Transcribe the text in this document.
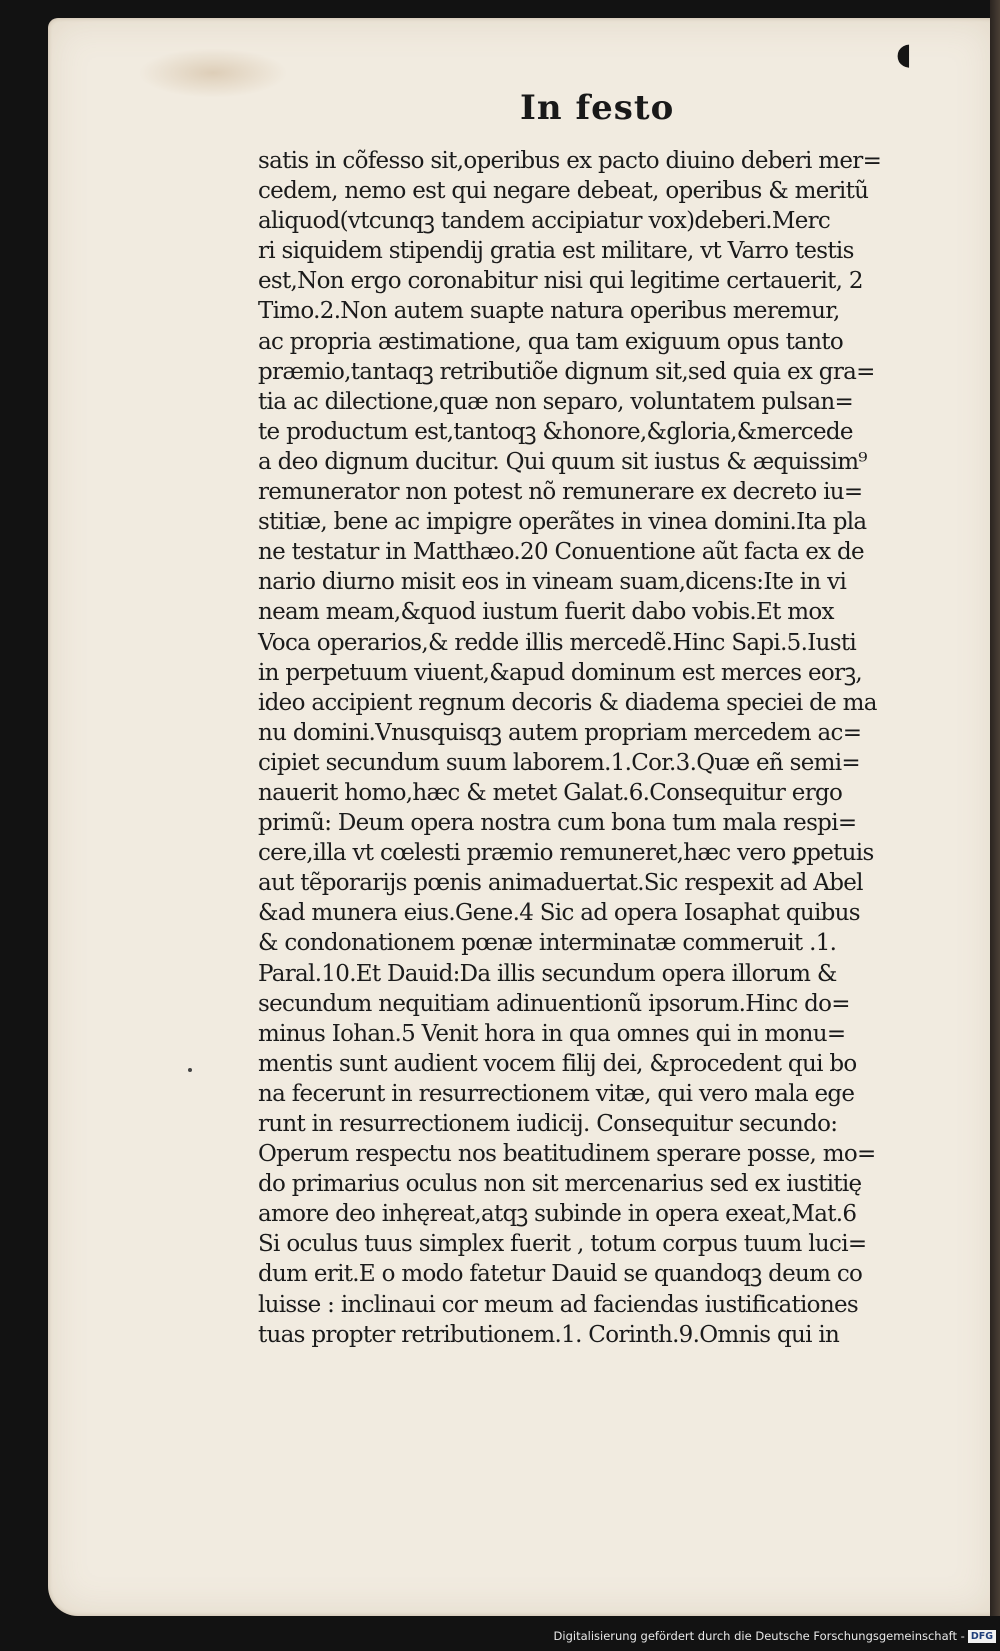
◖
In festo
satis in cõfesso sit,operibus ex pacto diuino deberi mer=
cedem, nemo est qui negare debeat, operibus & meritũ
aliquod(vtcunqꝫ tandem accipiatur vox)deberi.Merc
ri siquidem stipendij gratia est militare, vt Varro testis
est,Non ergo coronabitur nisi qui legitime certauerit, 2
Timo.2.Non autem suapte natura operibus meremur,
ac propria æstimatione, qua tam exiguum opus tanto
præmio,tantaqꝫ retributiõe dignum sit,sed quia ex gra=
tia ac dilectione,quæ non separo, voluntatem pulsan=
te productum est,tantoqꝫ &honore,&gloria,&mercede
a deo dignum ducitur. Qui quum sit iustus & æquissim⁹
remunerator non potest nõ remunerare ex decreto iu=
stitiæ, bene ac impigre operãtes in vinea domini.Ita pla
ne testatur in Matthæo.20 Conuentione aũt facta ex de
nario diurno misit eos in vineam suam,dicens:Ite in vi
neam meam,&quod iustum fuerit dabo vobis.Et mox
Voca operarios,& redde illis mercedẽ.Hinc Sapi.5.Iusti
in perpetuum viuent,&apud dominum est merces eorꝫ,
ideo accipient regnum decoris & diadema speciei de ma
nu domini.Vnusquisqꝫ autem propriam mercedem ac=
cipiet secundum suum laborem.1.Cor.3.Quæ eñ semi=
nauerit homo,hæc & metet Galat.6.Consequitur ergo
primũ: Deum opera nostra cum bona tum mala respi=
cere,illa vt cœlesti præmio remuneret,hæc vero ꝑpetuis
aut tẽporarijs pœnis animaduertat.Sic respexit ad Abel
&ad munera eius.Gene.4 Sic ad opera Iosaphat quibus
& condonationem pœnæ interminatæ commeruit .1.
Paral.10.Et Dauid:Da illis secundum opera illorum &
secundum nequitiam adinuentionũ ipsorum.Hinc do=
minus Iohan.5 Venit hora in qua omnes qui in monu=
mentis sunt audient vocem filij dei, &procedent qui bo
na fecerunt in resurrectionem vitæ, qui vero mala ege
runt in resurrectionem iudicij. Consequitur secundo:
Operum respectu nos beatitudinem sperare posse, mo=
do primarius oculus non sit mercenarius sed ex iustitię
amore deo inhęreat,atqꝫ subinde in opera exeat,Mat.6
Si oculus tuus simplex fuerit , totum corpus tuum luci=
dum erit.E o modo fatetur Dauid se quandoqꝫ deum co
luisse : inclinaui cor meum ad faciendas iustificationes
tuas propter retributionem.1. Corinth.9.Omnis qui in
Digitalisierung gefördert durch die Deutsche Forschungsgemeinschaft - DFG
